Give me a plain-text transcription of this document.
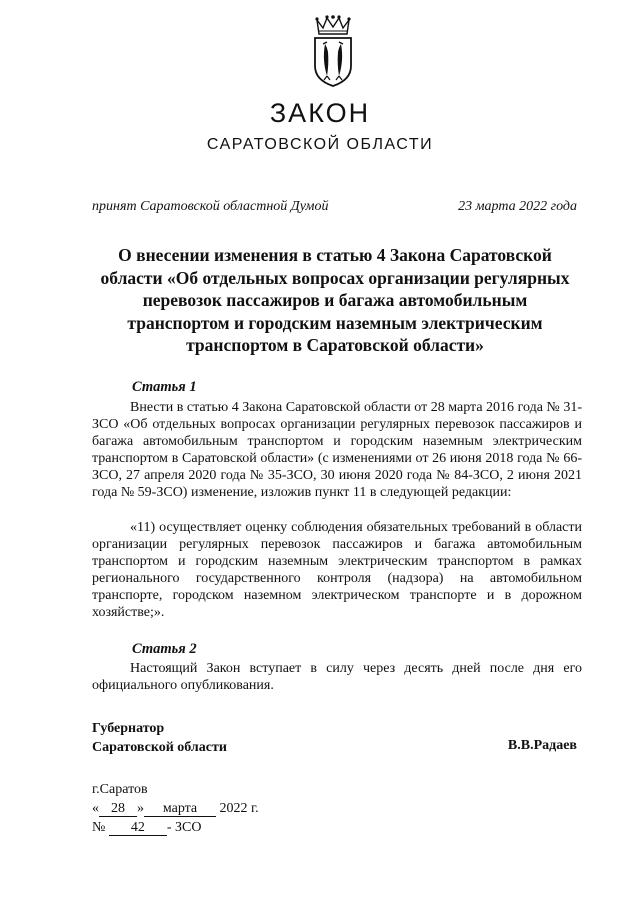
ЗАКОН
САРАТОВСКОЙ ОБЛАСТИ
принят Саратовской областной Думой	23 марта 2022 года
О внесении изменения в статью 4 Закона Саратовской области «Об отдельных вопросах организации регулярных перевозок пассажиров и багажа автомобильным транспортом и городским наземным электрическим транспортом в Саратовской области»
Статья 1
Внести в статью 4 Закона Саратовской области от 28 марта 2016 года № 31-ЗСО «Об отдельных вопросах организации регулярных перевозок пассажиров и багажа автомобильным транспортом и городским наземным электрическим транспортом в Саратовской области» (с изменениями от 26 июня 2018 года № 66-ЗСО, 27 апреля 2020 года № 35-ЗСО, 30 июня 2020 года № 84-ЗСО, 2 июня 2021 года № 59-ЗСО) изменение, изложив пункт 11 в следующей редакции:
«11) осуществляет оценку соблюдения обязательных требований в области организации регулярных перевозок пассажиров и багажа автомобильным транспортом и городским наземным электрическим транспортом в рамках регионального государственного контроля (надзора) на автомобильном транспорте, городском наземном электрическом транспорте и в дорожном хозяйстве;».
Статья 2
Настоящий Закон вступает в силу через десять дней после дня его официального опубликования.
Губернатор
Саратовской области	В.В.Радаев
г.Саратов
« 28 » марта 2022 г.
№ 42 - ЗСО
